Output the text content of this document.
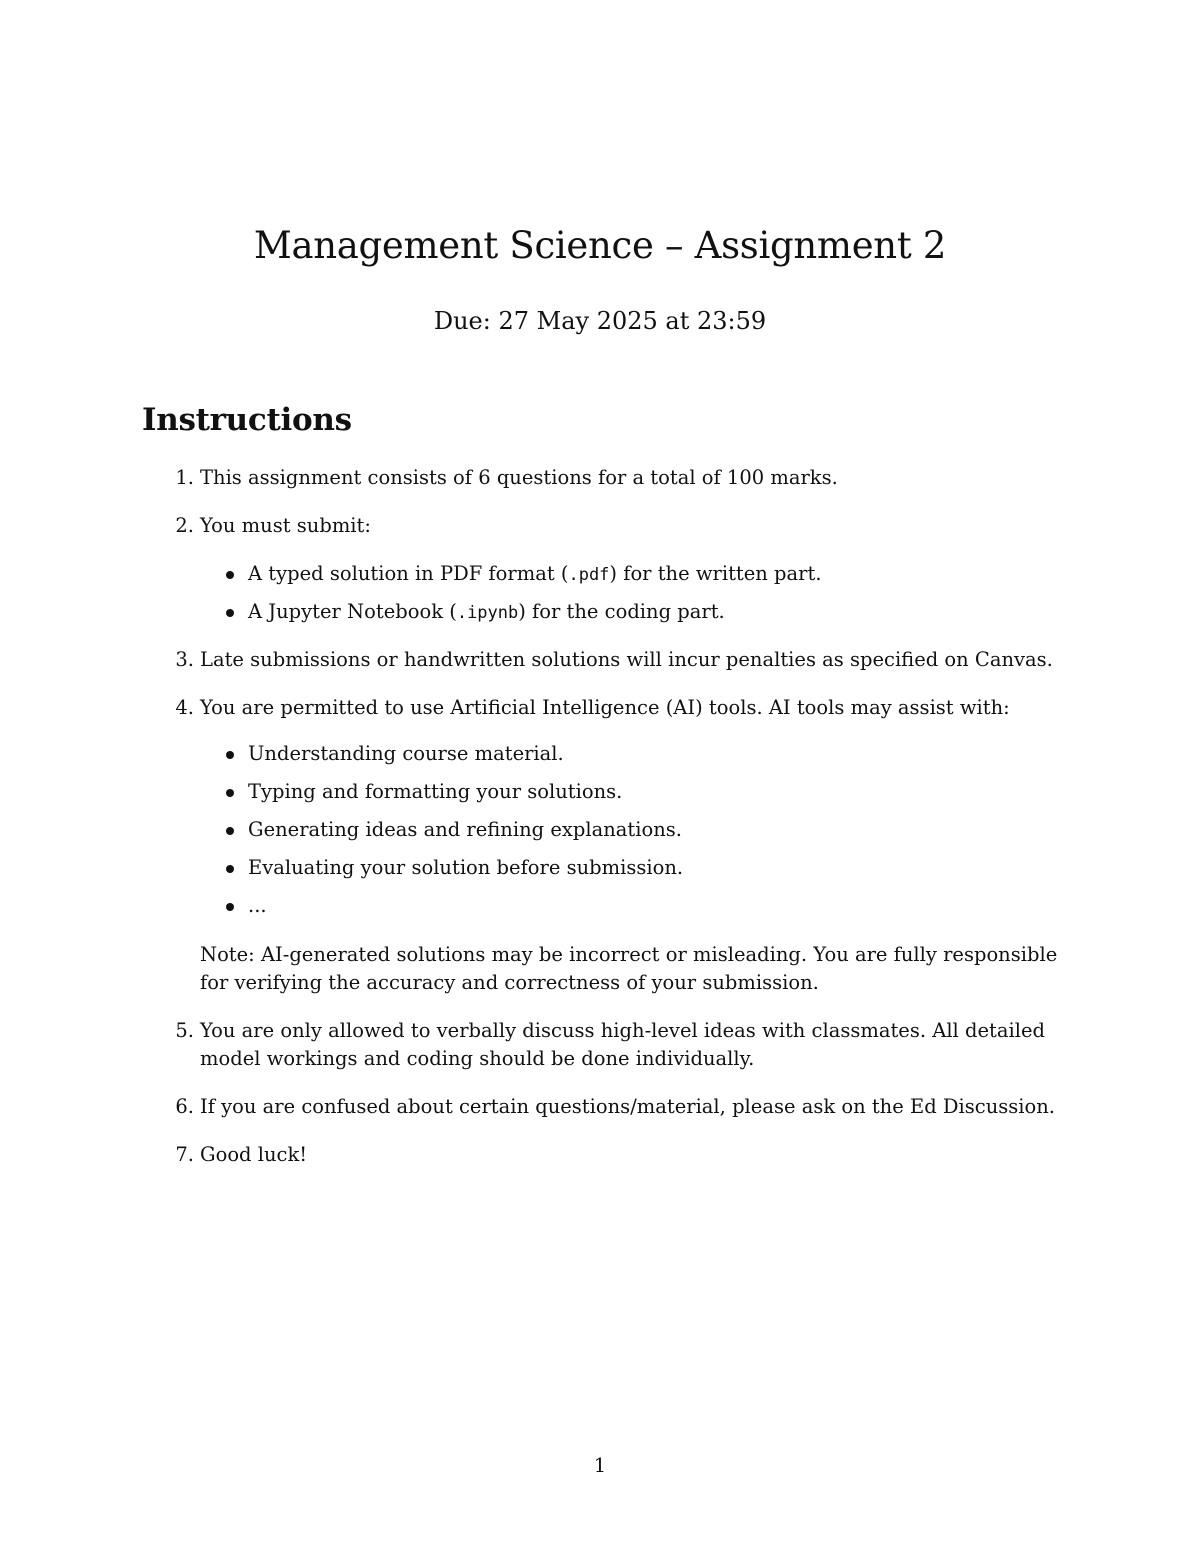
Management Science – Assignment 2
Due: 27 May 2025 at 23:59
Instructions
1. This assignment consists of 6 questions for a total of 100 marks.
2. You must submit:
A typed solution in PDF format (.pdf) for the written part.
A Jupyter Notebook (.ipynb) for the coding part.
3. Late submissions or handwritten solutions will incur penalties as specified on Canvas.
4. You are permitted to use Artificial Intelligence (AI) tools. AI tools may assist with:
Understanding course material.
Typing and formatting your solutions.
Generating ideas and refining explanations.
Evaluating your solution before submission.
...
Note: AI-generated solutions may be incorrect or misleading. You are fully responsible
for verifying the accuracy and correctness of your submission.
5. You are only allowed to verbally discuss high-level ideas with classmates. All detailed
model workings and coding should be done individually.
6. If you are confused about certain questions/material, please ask on the Ed Discussion.
7. Good luck!
1
